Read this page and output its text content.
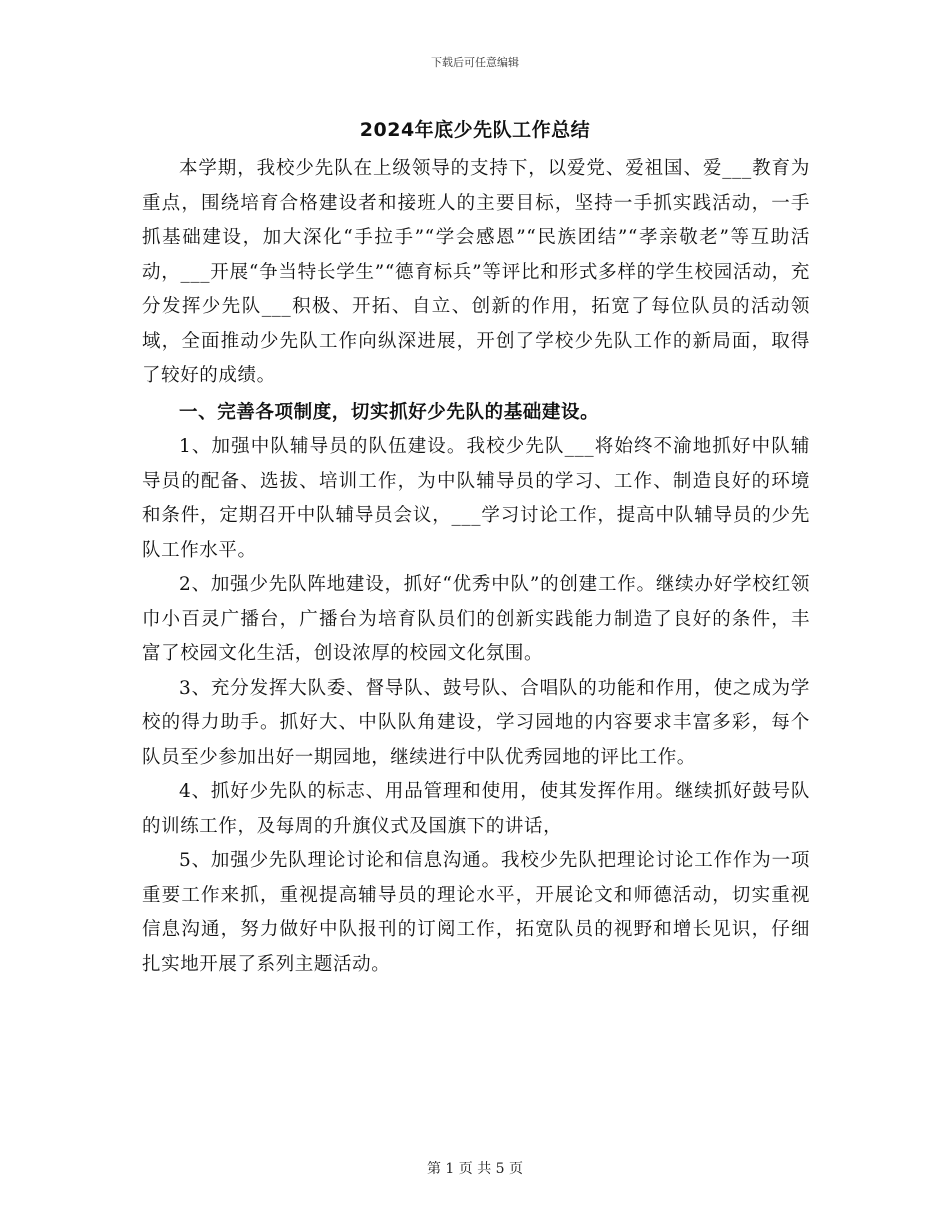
下载后可任意编辑
2024年底少先队工作总结

本学期，我校少先队在上级领导的支持下，以爱党、爱祖国、爱___教育为重点，围绕培育合格建设者和接班人的主要目标，坚持一手抓实践活动，一手抓基础建设，加大深化“手拉手”“学会感恩”“民族团结”“孝亲敬老”等互助活动，___开展“争当特长学生”“德育标兵”等评比和形式多样的学生校园活动，充分发挥少先队___积极、开拓、自立、创新的作用，拓宽了每位队员的活动领域，全面推动少先队工作向纵深进展，开创了学校少先队工作的新局面，取得了较好的成绩。

一、完善各项制度，切实抓好少先队的基础建设。

1、加强中队辅导员的队伍建设。我校少先队___将始终不渝地抓好中队辅导员的配备、选拔、培训工作，为中队辅导员的学习、工作、制造良好的环境和条件，定期召开中队辅导员会议，___学习讨论工作，提高中队辅导员的少先队工作水平。

2、加强少先队阵地建设，抓好“优秀中队”的创建工作。继续办好学校红领巾小百灵广播台，广播台为培育队员们的创新实践能力制造了良好的条件，丰富了校园文化生活，创设浓厚的校园文化氛围。

3、充分发挥大队委、督导队、鼓号队、合唱队的功能和作用，使之成为学校的得力助手。抓好大、中队队角建设，学习园地的内容要求丰富多彩，每个队员至少参加出好一期园地，继续进行中队优秀园地的评比工作。

4、抓好少先队的标志、用品管理和使用，使其发挥作用。继续抓好鼓号队的训练工作，及每周的升旗仪式及国旗下的讲话，

5、加强少先队理论讨论和信息沟通。我校少先队把理论讨论工作作为一项重要工作来抓，重视提高辅导员的理论水平，开展论文和师德活动，切实重视信息沟通，努力做好中队报刊的订阅工作，拓宽队员的视野和增长见识，仔细扎实地开展了系列主题活动。

第 1 页 共 5 页
